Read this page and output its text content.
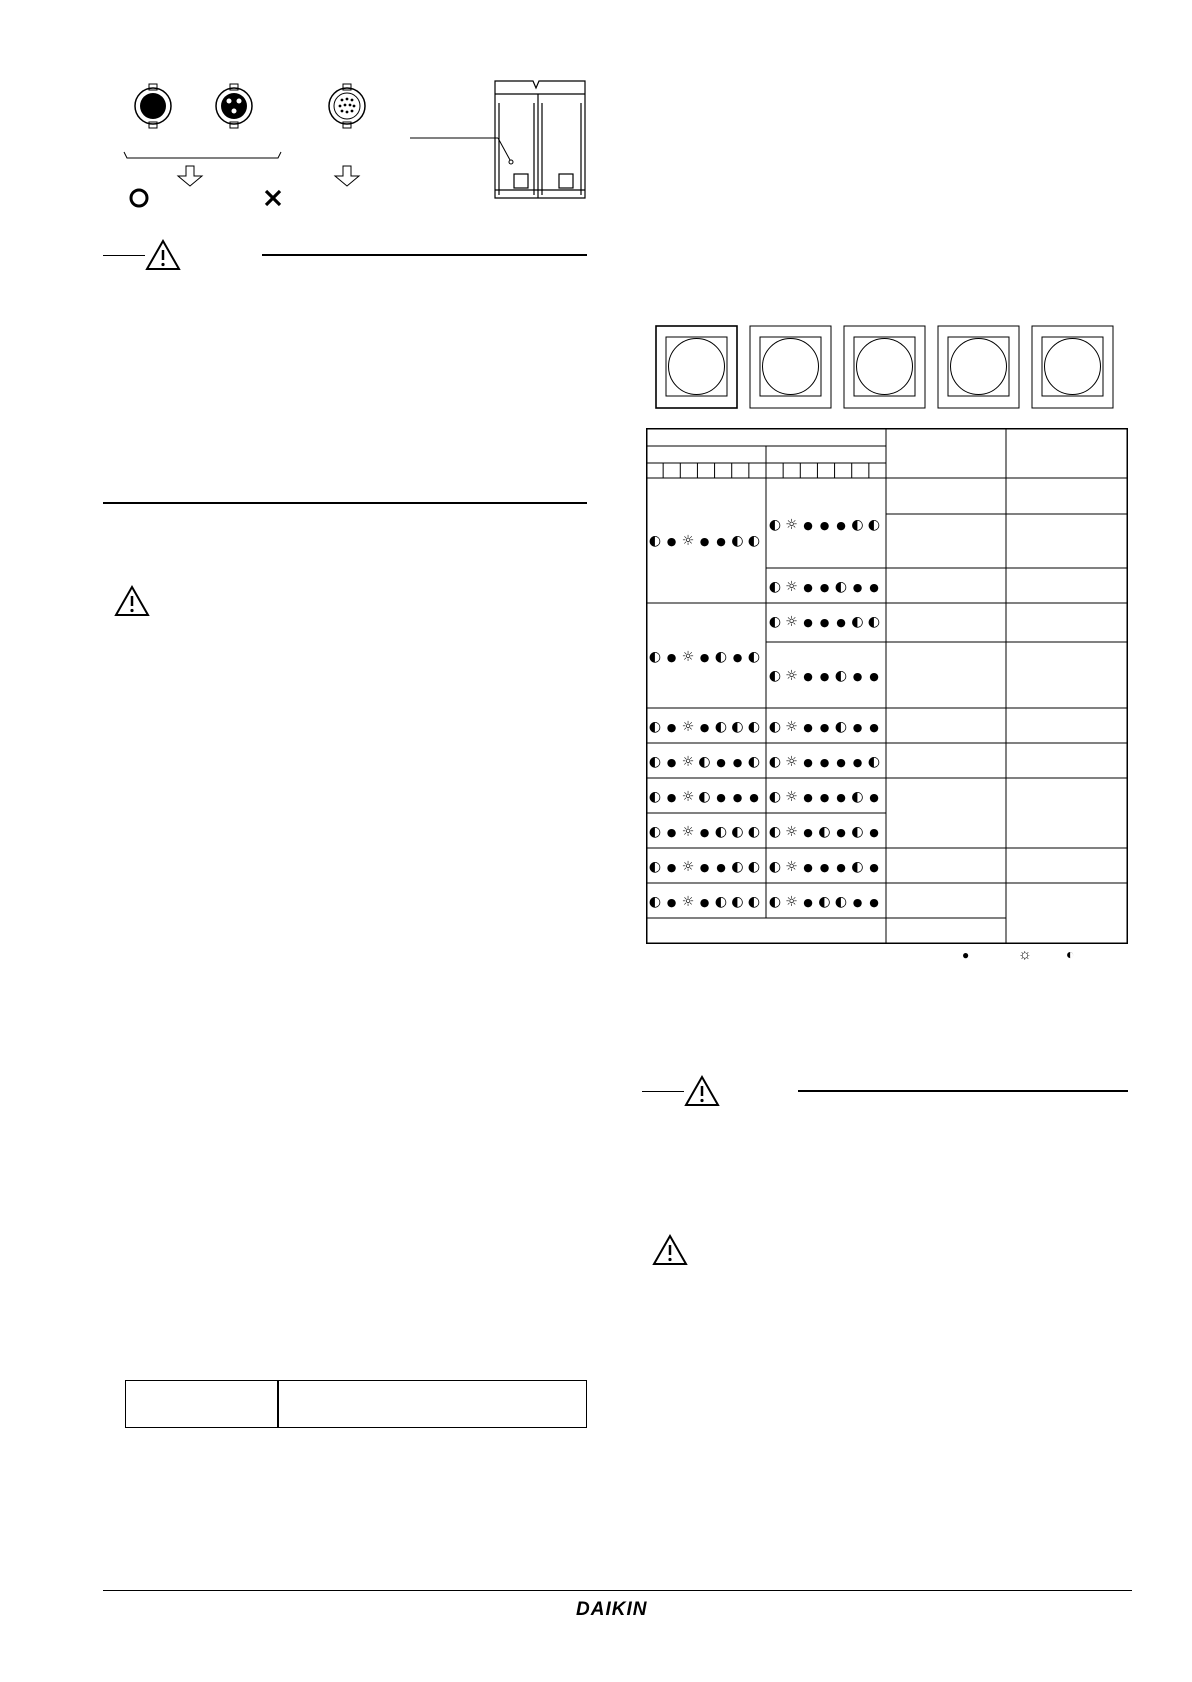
◐ ● ☼ ● ● ◐ ◐
◐ ☼ ● ● ● ◐ ◐
◐ ☼ ● ● ◐ ● ●
◐ ● ☼ ● ◐ ● ◐
◐ ☼ ● ● ● ◐ ◐
◐ ☼ ● ● ◐ ● ●
◐ ● ☼ ● ◐ ◐ ◐ ◐ ☼ ● ● ◐ ● ●
◐ ● ☼ ◐ ● ● ◐ ◐ ☼ ● ● ● ● ◐
◐ ● ☼ ◐ ● ● ● ◐ ☼ ● ● ● ◐ ●
◐ ● ☼ ● ◐ ◐ ◐ ◐ ☼ ● ◐ ● ◐ ●
◐ ● ☼ ● ● ◐ ◐ ◐ ☼ ● ● ● ◐ ●
◐ ● ☼ ● ◐ ◐ ◐ ◐ ☼ ● ◐ ◐ ● ●
●	☼ ◐
DAIKIN
